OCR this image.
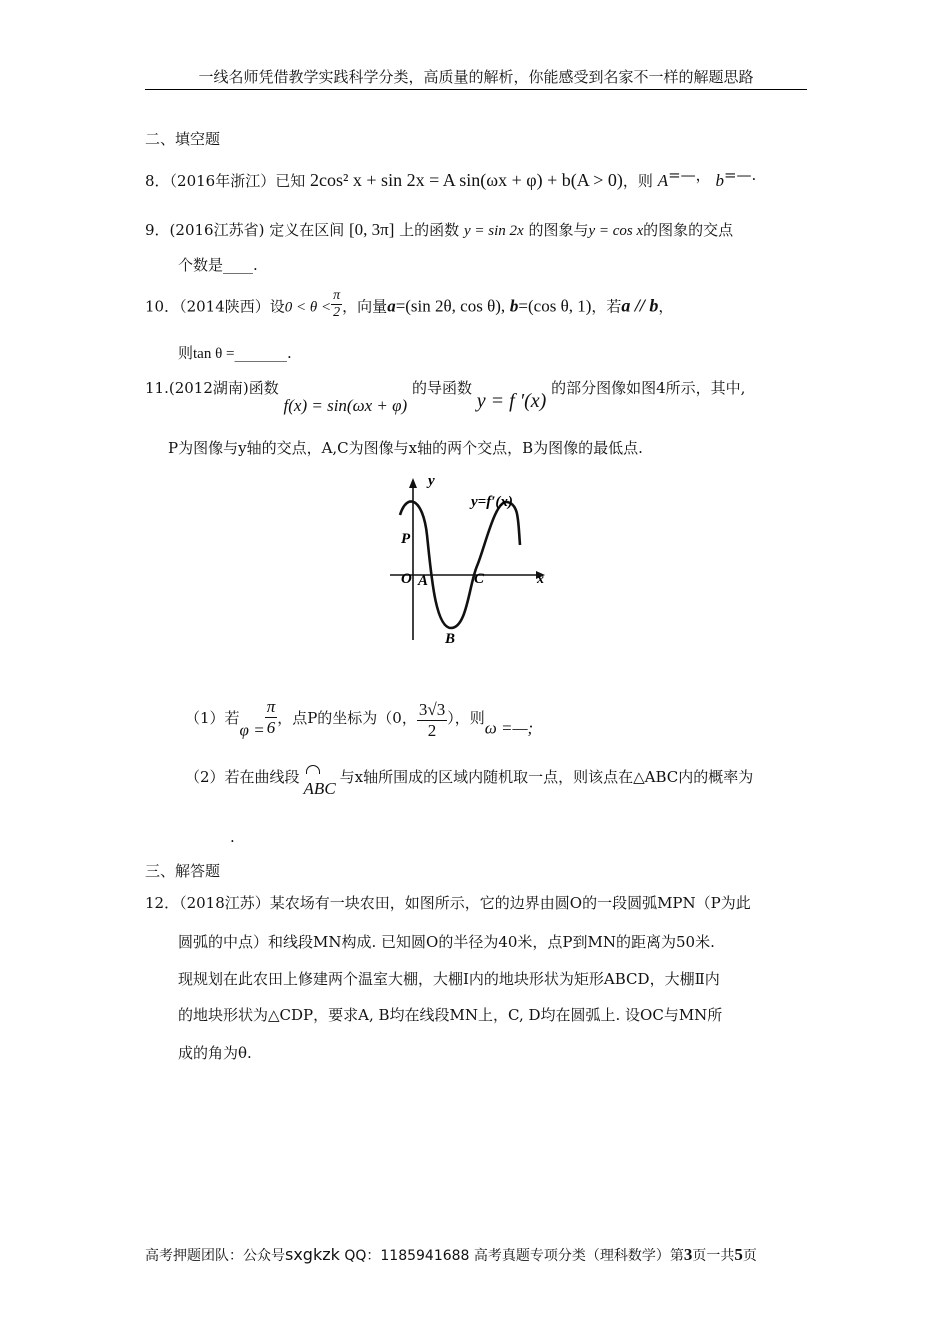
一线名师凭借教学实践科学分类，高质量的解析，你能感受到名家不一样的解题思路
二、填空题
8．（2016年浙江）已知 2cos² x + sin 2x = A sin(ωx + φ) + b(A > 0)，则 A=—， b=—.
9．(2016江苏省) 定义在区间 [0, 3π] 上的函数 y = sin 2x 的图象与y = cos x的图象的交点
个数是____.
10．（2014陕西）设$0 < \theta < \frac{\pi}{2}$ ，向量a=(sin 2θ, cos θ), b=(cos θ, 1)，若a // b，
则tan θ =_______.
11.(2012湖南)函数 f(x) = sin(ωx + φ) 的导函数 y = f ′(x) 的部分图像如图4所示，其中,
P为图像与y轴的交点，A,C为图像与x轴的两个交点，B为图像的最低点.
y
x
y=f′(x)
P
O A	C
B
（1）若$\varphi = \frac{\pi}{6}$ ，点P的坐标为（0， $\frac{3√3}{2}$ ），则ω =—;
（2）若在曲线段
ABC与x轴所围成的区域内随机取一点，则该点在△ABC内的概率为
.
三、解答题
12．（2018江苏）某农场有一块农田，如图所示，它的边界由圆O的一段圆弧MPN（P为此
圆弧的中点）和线段MN构成. 已知圆O的半径为40米，点P到MN的距离为50米.
现规划在此农田上修建两个温室大棚，大棚Ⅰ内的地块形状为矩形ABCD，大棚Ⅱ内
的地块形状为△CDP，要求A, B均在线段MN上，C, D均在圆弧上. 设OC与MN所
成的角为θ.
高考押题团队：公众号sxgkzk QQ：1185941688 高考真题专项分类（理科数学）第3页一共5页
